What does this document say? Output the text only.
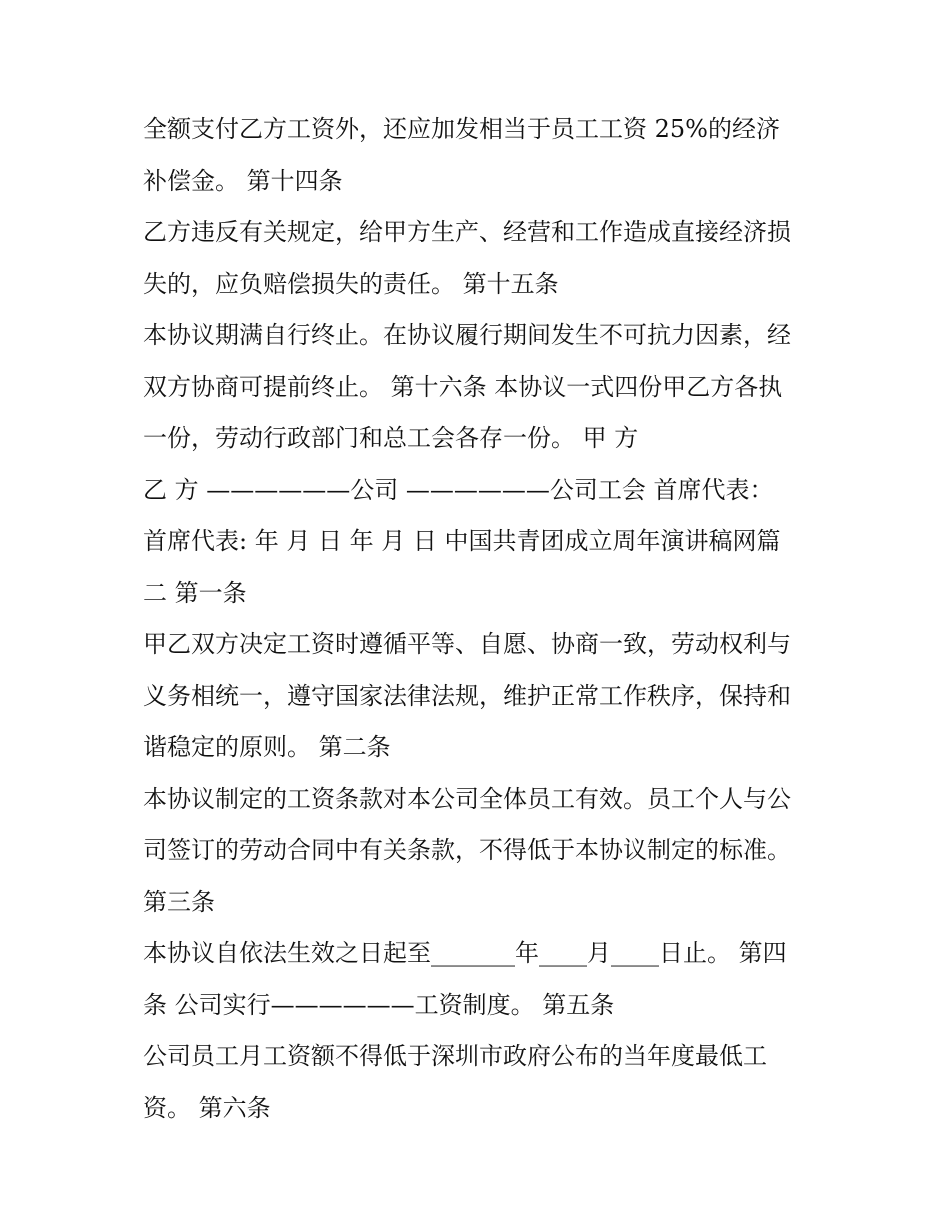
全额支付乙方工资外，还应加发相当于员工工资 25%的经济
补偿金。 第十四条
乙方违反有关规定，给甲方生产、经营和工作造成直接经济损
失的，应负赔偿损失的责任。 第十五条
本协议期满自行终止。在协议履行期间发生不可抗力因素，经
双方协商可提前终止。 第十六条 本协议一式四份甲乙方各执
一份，劳动行政部门和总工会各存一份。 甲 方
乙 方 ——————公司 ——————公司工会 首席代表：
首席代表: 年 月 日 年 月 日 中国共青团成立周年演讲稿网篇
二 第一条
甲乙双方决定工资时遵循平等、自愿、协商一致，劳动权利与
义务相统一，遵守国家法律法规，维护正常工作秩序，保持和
谐稳定的原则。 第二条
本协议制定的工资条款对本公司全体员工有效。员工个人与公
司签订的劳动合同中有关条款，不得低于本协议制定的标准。
第三条
本协议自依法生效之日起至_______年____月____日止。 第四
条 公司实行——————工资制度。 第五条
公司员工月工资额不得低于深圳市政府公布的当年度最低工
资。 第六条
